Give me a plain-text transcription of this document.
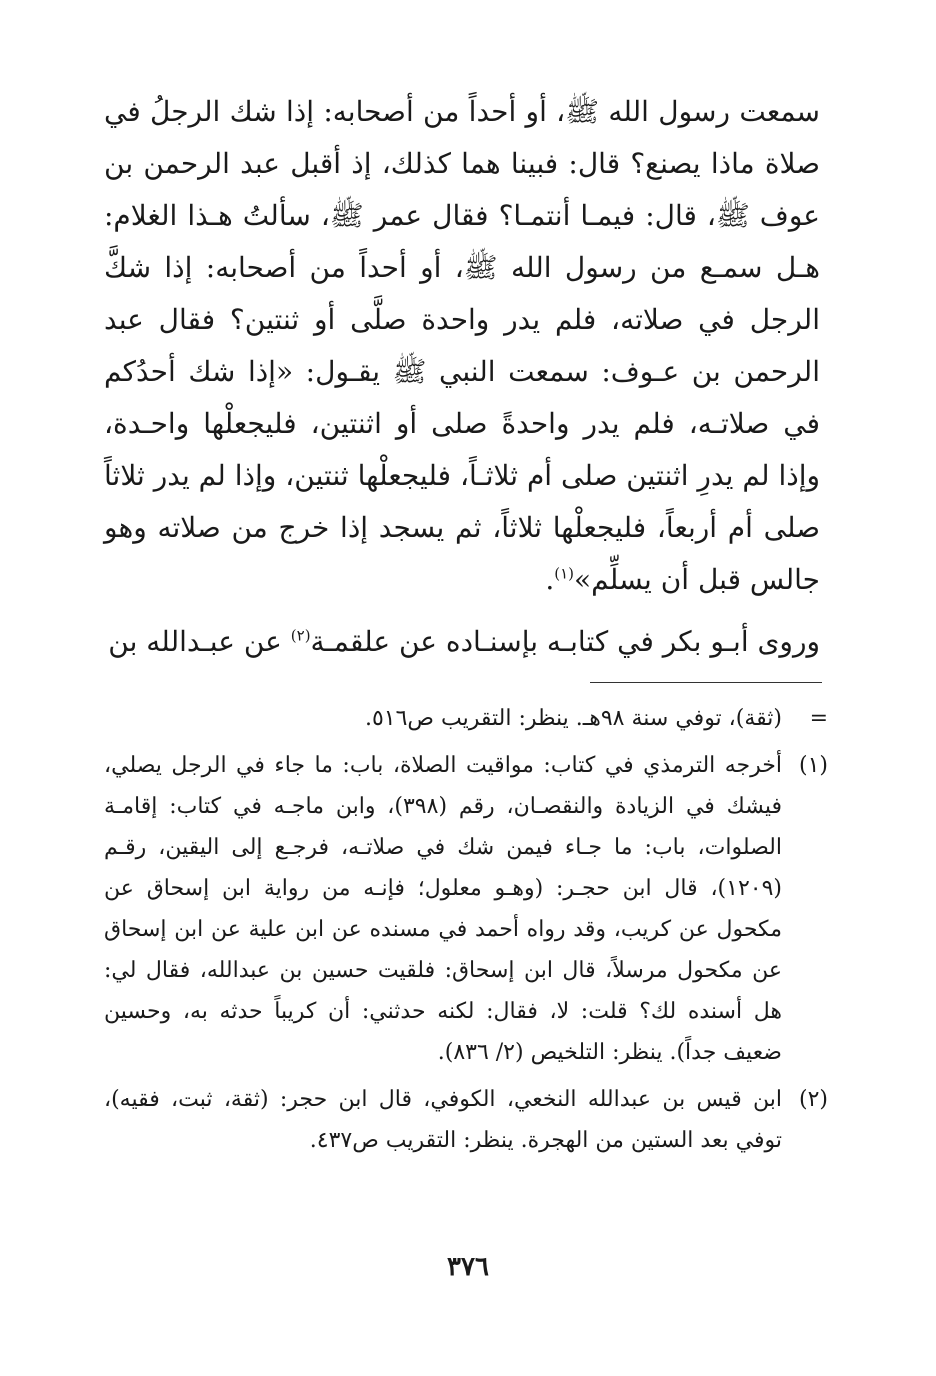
سمعت رسول الله ﷺ، أو أحداً من أصحابه: إذا شك الرجلُ في صلاة ماذا يصنع؟ قال: فبينا هما كذلك، إذ أقبل عبد الرحمن بن عوف ﷺ، قال: فيمـا أنتمـا؟ فقال عمر ﷺ، سألتُ هـذا الغلام: هـل سمـع من رسول الله ﷺ، أو أحداً من أصحابه: إذا شكَّ الرجل في صلاته، فلم يدر واحدة صلَّى أو ثنتين؟ فقال عبد الرحمن بن عـوف: سمعت النبي ﷺ يقـول: «إذا شك أحدُكم في صلاتـه، فلم يدر واحدةً صلى أو اثنتين، فليجعلْها واحـدة، وإذا لم يدرِ اثنتين صلى أم ثلاثـاً، فليجعلْها ثنتين، وإذا لم يدر ثلاثاً صلى أم أربعاً، فليجعلْها ثلاثاً، ثم يسجد إذا خرج من صلاته وهو جالس قبل أن يسلِّم»$^{(١)}$.

وروى أبـو بكر في كتابـه بإسنـاده عن علقمـة$^{(٢)}$ عن عبـدالله بن

=
(ثقة)، توفي سنة ٩٨هـ. ينظر: التقريب ص٥١٦.
(١)
أخرجه الترمذي في كتاب: مواقيت الصلاة، باب: ما جاء في الرجل يصلي، فيشك في الزيادة والنقصـان، رقم (٣٩٨)، وابن ماجـه في كتاب: إقامـة الصلوات، باب: ما جـاء فيمن شك في صلاتـه، فرجـع إلى اليقين، رقـم (١٢٠٩)، قال ابن حجـر: (وهـو معلول؛ فإنـه من رواية ابن إسحاق عن مكحول عن كريب، وقد رواه أحمد في مسنده عن ابن علية عن ابن إسحاق عن مكحول مرسلاً، قال ابن إسحاق: فلقيت حسين بن عبدالله، فقال لي: هل أسنده لك؟ قلت: لا، فقال: لكنه حدثني: أن كريباً حدثه به، وحسين ضعيف جداً). ينظر: التلخيص (٢/ ٨٣٦).
(٢)
ابن قيس بن عبدالله النخعي، الكوفي، قال ابن حجر: (ثقة، ثبت، فقيه)، توفي بعد الستين من الهجرة. ينظر: التقريب ص٤٣٧.
٣٧٦
